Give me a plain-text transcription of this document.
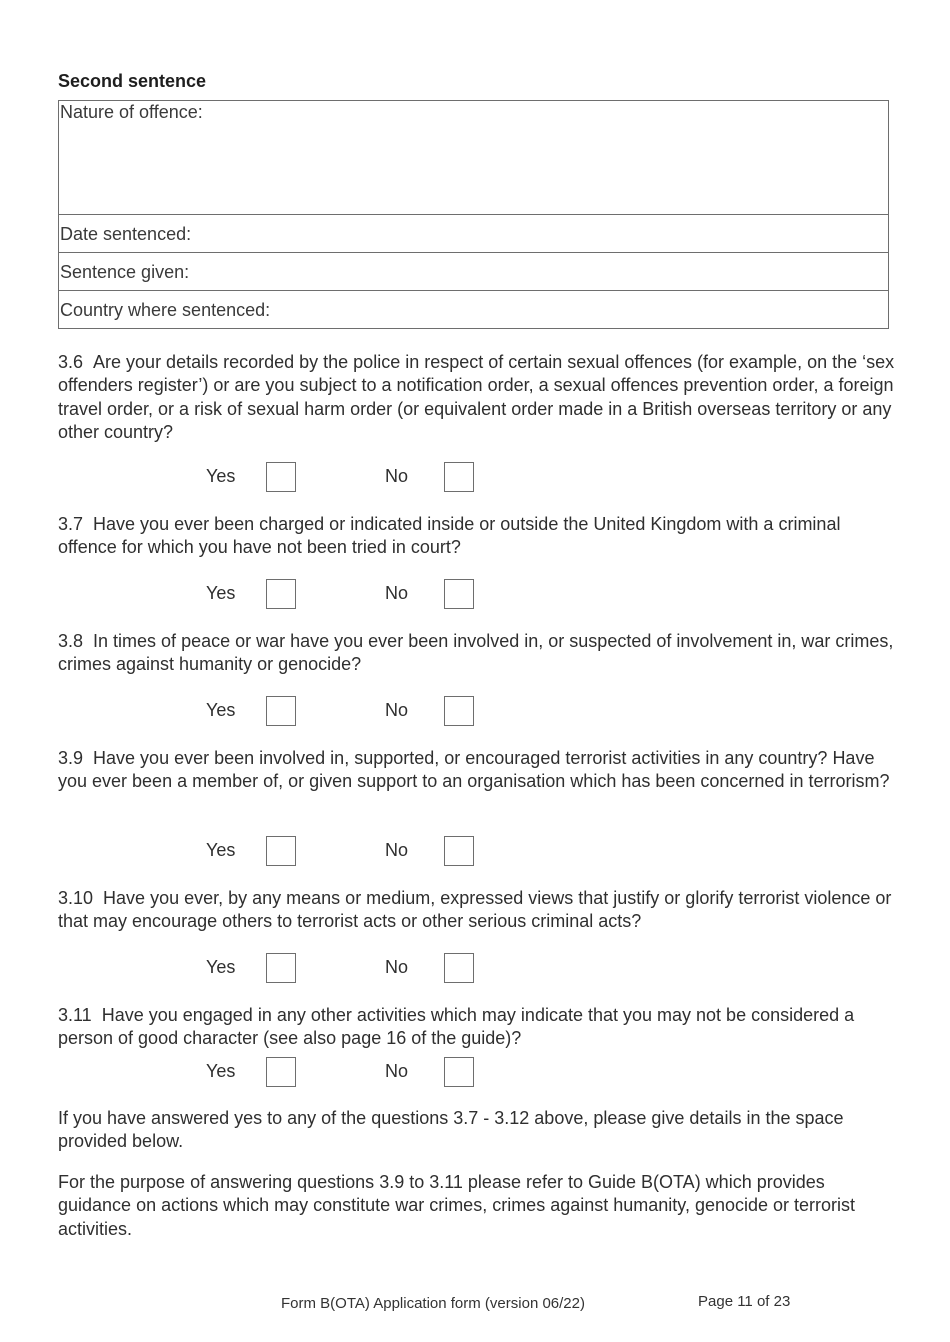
Second sentence
Nature of offence:
Date sentenced:
Sentence given:
Country where sentenced:
3.6 Are your details recorded by the police in respect of certain sexual offences (for example, on the ‘sex offenders register’) or are you subject to a notification order, a sexual offences prevention order, a foreign travel order, or a risk of sexual harm order (or equivalent order made in a British overseas territory or any other country?
Yes	No
3.7 Have you ever been charged or indicated inside or outside the United Kingdom with a criminal offence for which you have not been tried in court?
Yes	No
3.8 In times of peace or war have you ever been involved in, or suspected of involvement in, war crimes, crimes against humanity or genocide?
Yes	No
3.9 Have you ever been involved in, supported, or encouraged terrorist activities in any country? Have you ever been a member of, or given support to an organisation which has been concerned in terrorism?
Yes	No
3.10 Have you ever, by any means or medium, expressed views that justify or glorify terrorist violence or that may encourage others to terrorist acts or other serious criminal acts?
Yes	No
3.11 Have you engaged in any other activities which may indicate that you may not be considered a person of good character (see also page 16 of the guide)?
Yes	No
If you have answered yes to any of the questions 3.7 - 3.12 above, please give details in the space provided below.
For the purpose of answering questions 3.9 to 3.11 please refer to Guide B(OTA) which provides guidance on actions which may constitute war crimes, crimes against humanity, genocide or terrorist activities.
Form B(OTA) Application form (version 06/22)	Page 11 of 23
